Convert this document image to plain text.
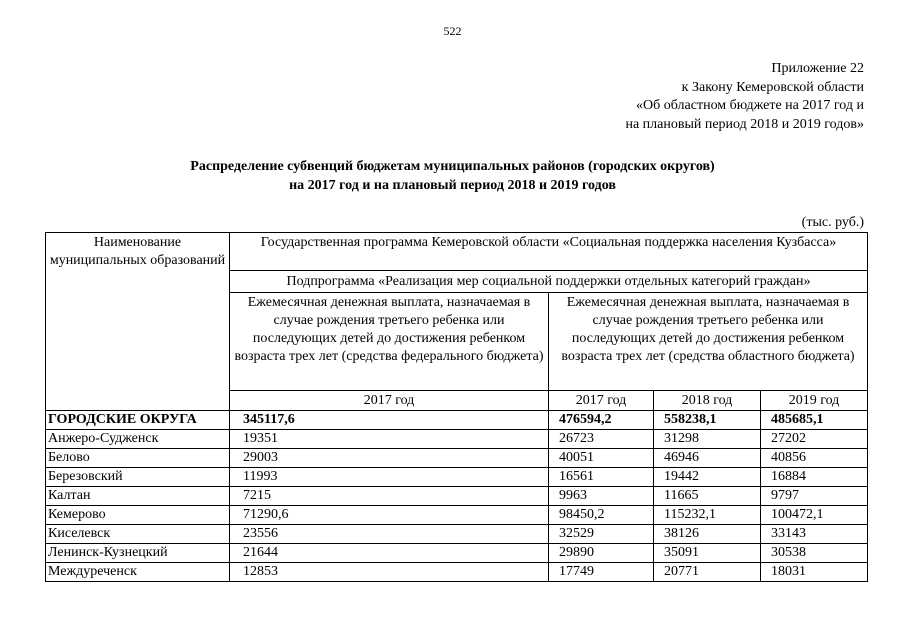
522
Приложение 22
к Закону Кемеровской области
«Об областном бюджете на 2017 год и
на плановый период 2018 и 2019 годов»
Распределение субвенций бюджетам муниципальных районов (городских округов)
на 2017 год и на плановый период 2018 и 2019 годов
(тыс. руб.)
Наименование муниципальных образований	Государственная программа Кемеровской области «Социальная поддержка населения Кузбасса»			
	Подпрограмма «Реализация мер социальной поддержки отдельных категорий граждан»			
	Ежемесячная денежная выплата, назначаемая в случае рождения третьего ребенка или последующих детей до достижения ребенком возраста трех лет (средства федерального бюджета)	Ежемесячная денежная выплата, назначаемая в случае рождения третьего ребенка или последующих детей до достижения ребенком возраста трех лет (средства областного бюджета)		
	2017 год	2017 год	2018 год	2019 год
ГОРОДСКИЕ ОКРУГА	345117,6	476594,2	558238,1	485685,1
Анжеро-Судженск	19351	26723	31298	27202
Белово	29003	40051	46946	40856
Березовский	11993	16561	19442	16884
Калтан	7215	9963	11665	9797
Кемерово	71290,6	98450,2	115232,1	100472,1
Киселевск	23556	32529	38126	33143
Ленинск-Кузнецкий	21644	29890	35091	30538
Междуреченск	12853	17749	20771	18031
